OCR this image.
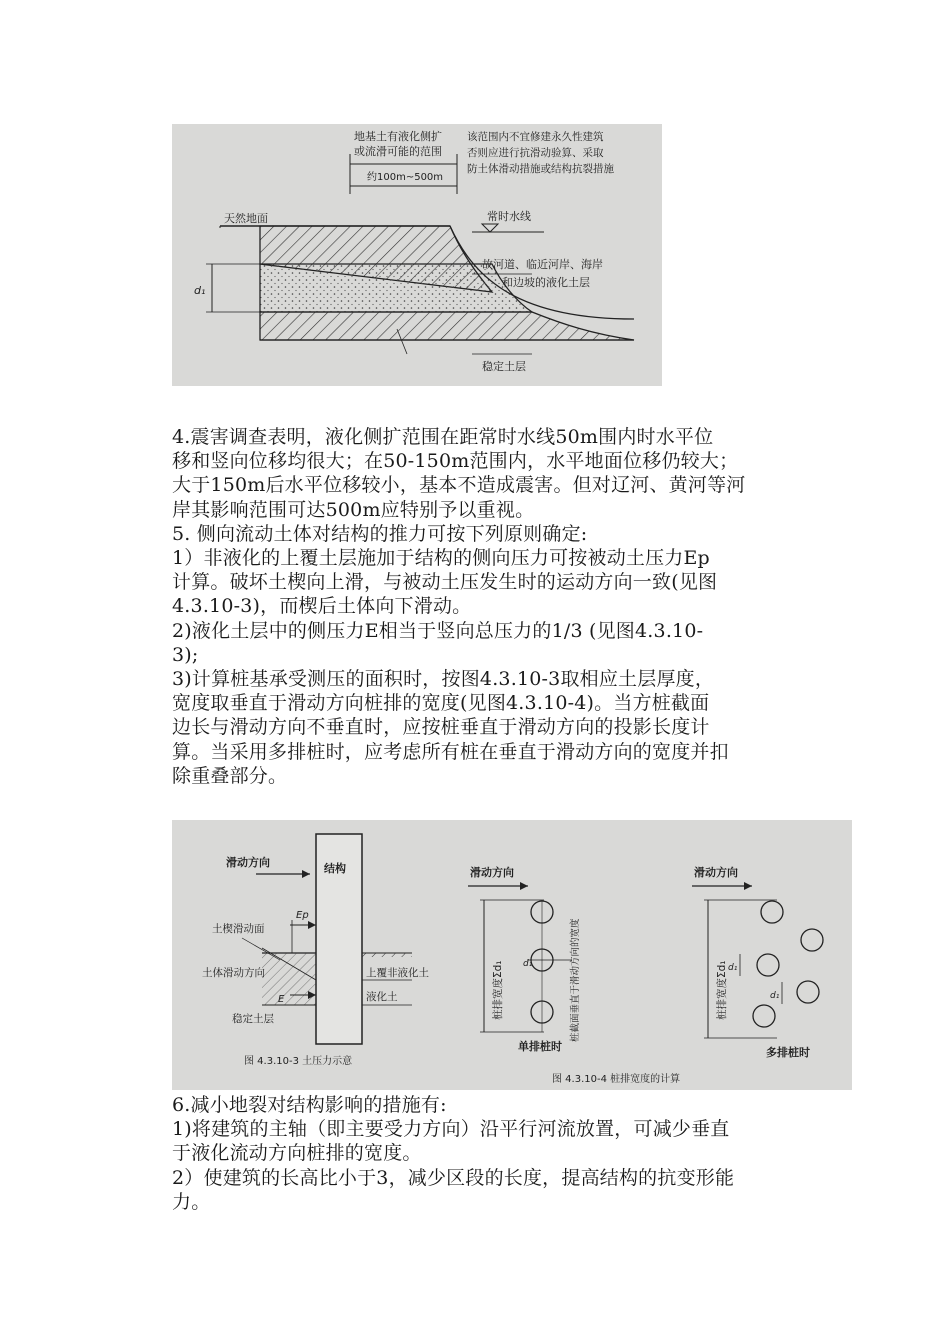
地基土有液化侧扩
或流滑可能的范围
约100m~500m
该范围内不宜修建永久性建筑
否则应进行抗滑动验算、采取
防土体滑动措施或结构抗裂措施
天然地面	常时水线
故河道、临近河岸、海岸
和边坡的液化土层
稳定土层
d₁

4.震害调查表明，液化侧扩范围在距常时水线50m围内时水平位

移和竖向位移均很大；在50-150m范围内，水平地面位移仍较大；

大于150m后水平位移较小，基本不造成震害。但对辽河、黄河等河

岸其影响范围可达500m应特别予以重视。

5. 侧向流动土体对结构的推力可按下列原则确定:

1）非液化的上覆土层施加于结构的侧向压力可按被动土压力Ep

计算。破坏土楔向上滑，与被动土压发生时的运动方向一致(见图

4.3.10-3)，而楔后土体向下滑动。

2)液化土层中的侧压力E相当于竖向总压力的1/3 (见图4.3.10-

3);

3)计算桩基承受测压的面积时，按图4.3.10-3取相应土层厚度，

宽度取垂直于滑动方向桩排的宽度(见图4.3.10-4)。当方桩截面

边长与滑动方向不垂直时，应按桩垂直于滑动方向的投影长度计

算。当采用多排桩时，应考虑所有桩在垂直于滑动方向的宽度并扣

除重叠部分。

滑动方向	结构
Ep
土楔滑动面
土体滑动方向
E
上覆非液化土
液化土
稳定土层
图 4.3.10-3 土压力示意
滑动方向	滑动方向
桩排宽度Σd₁	桩排宽度Σd₁
桩截面垂直于滑动方向的宽度
d₁	d₁
d₁
单排桩时	多排桩时
图 4.3.10-4 桩排宽度的计算

6.减小地裂对结构影响的措施有:

1)将建筑的主轴（即主要受力方向）沿平行河流放置，可减少垂直

于液化流动方向桩排的宽度。

2）使建筑的长高比小于3，减少区段的长度，提高结构的抗变形能

力。
